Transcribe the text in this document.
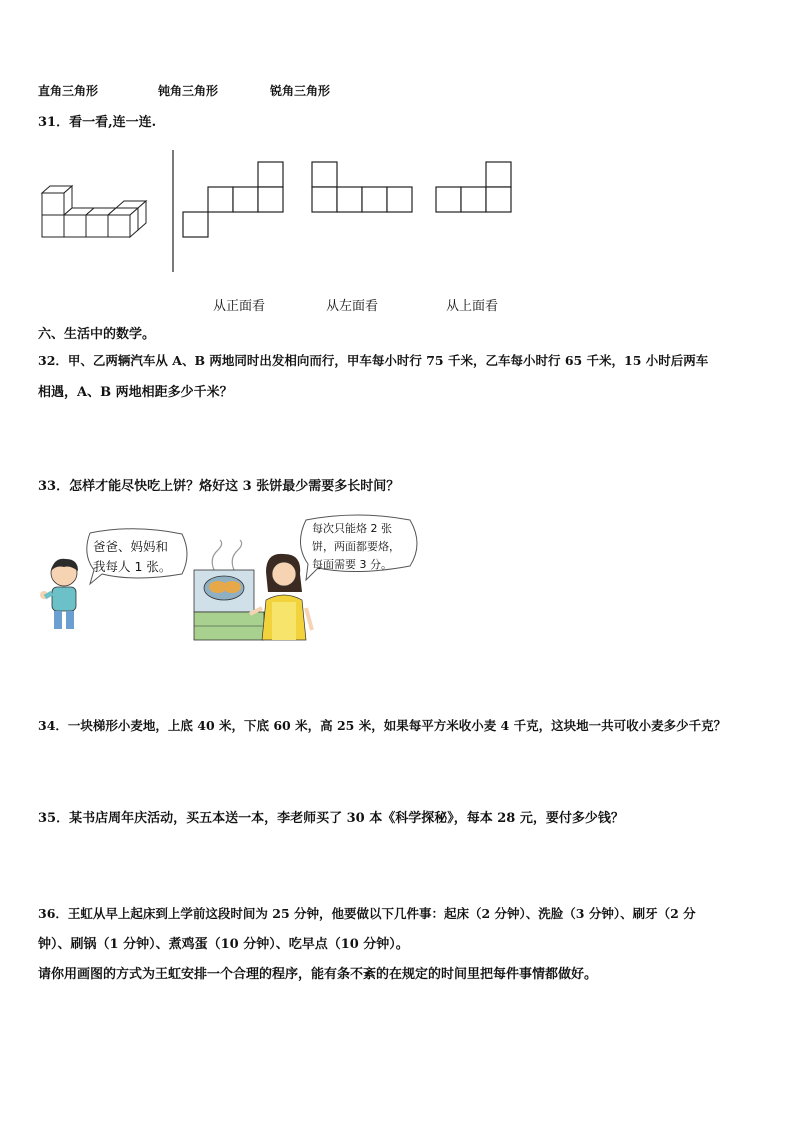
直角三角形	钝角三角形	锐角三角形
31．看一看,连一连.
从正面看	从左面看	从上面看
六、生活中的数学。
32．甲、乙两辆汽车从 A、B 两地同时出发相向而行，甲车每小时行 75 千米，乙车每小时行 65 千米，15 小时后两车
相遇，A、B 两地相距多少千米？
33．怎样才能尽快吃上饼？烙好这 3 张饼最少需要多长时间？
爸爸、妈妈和
我每人 1 张。
每次只能烙 2 张
饼，两面都要烙，
每面需要 3 分。
34．一块梯形小麦地，上底 40 米，下底 60 米，高 25 米，如果每平方米收小麦 4 千克，这块地一共可收小麦多少千克？
35．某书店周年庆活动，买五本送一本，李老师买了 30 本《科学探秘》，每本 28 元，要付多少钱？
36．王虹从早上起床到上学前这段时间为 25 分钟，他要做以下几件事：起床（2 分钟）、洗脸（3 分钟）、刷牙（2 分
钟）、刷锅（1 分钟）、煮鸡蛋（10 分钟）、吃早点（10 分钟）。
请你用画图的方式为王虹安排一个合理的程序，能有条不紊的在规定的时间里把每件事情都做好。
